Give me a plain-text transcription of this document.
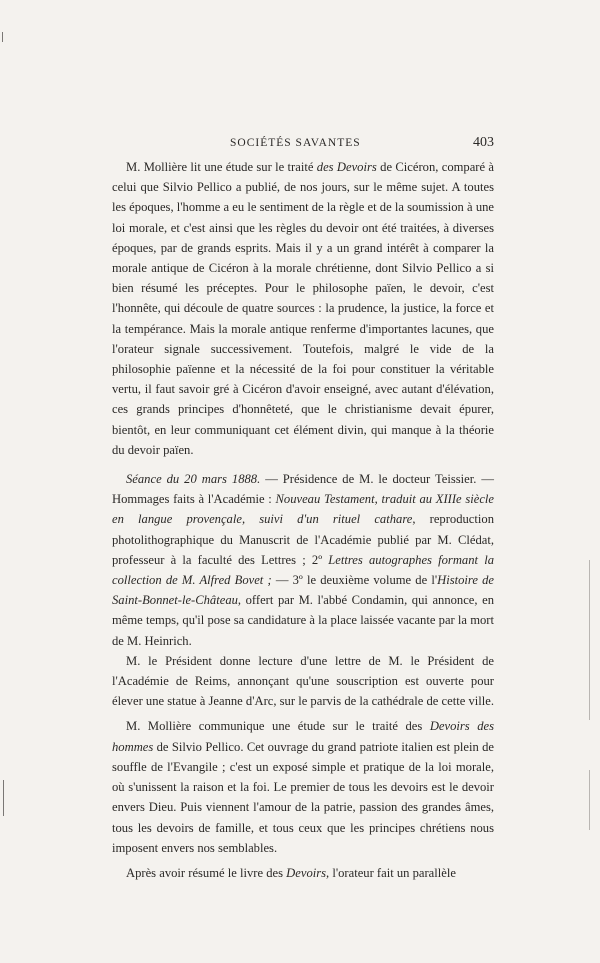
SOCIÉTÉS SAVANTES	403

M. Mollière lit une étude sur le traité des Devoirs de Cicéron, comparé à celui que Silvio Pellico a publié, de nos jours, sur le même sujet. A toutes les époques, l'homme a eu le sentiment de la règle et de la soumission à une loi morale, et c'est ainsi que les règles du devoir ont été traitées, à diverses époques, par de grands esprits. Mais il y a un grand intérêt à comparer la morale antique de Cicéron à la morale chrétienne, dont Silvio Pellico a si bien résumé les préceptes. Pour le philosophe païen, le devoir, c'est l'honnête, qui découle de quatre sources : la prudence, la justice, la force et la tempérance. Mais la morale antique renferme d'importantes lacunes, que l'orateur signale successivement. Toutefois, malgré le vide de la philosophie païenne et la nécessité de la foi pour constituer la véritable vertu, il faut savoir gré à Cicéron d'avoir enseigné, avec autant d'élévation, ces grands principes d'honnêteté, que le christianisme devait épurer, bientôt, en leur communiquant cet élément divin, qui manque à la théorie du devoir païen.

Séance du 20 mars 1888. — Présidence de M. le docteur Teissier. — Hommages faits à l'Académie : Nouveau Testament, traduit au XIIIe siècle en langue provençale, suivi d'un rituel cathare, reproduction photolithographique du Manuscrit de l'Académie publié par M. Clédat, professeur à la faculté des Lettres ; 2º Lettres autographes formant la collection de M. Alfred Bovet ; — 3º le deuxième volume de l'Histoire de Saint-Bonnet-le-Château, offert par M. l'abbé Condamin, qui annonce, en même temps, qu'il pose sa candidature à la place laissée vacante par la mort de M. Heinrich.

M. le Président donne lecture d'une lettre de M. le Président de l'Académie de Reims, annonçant qu'une souscription est ouverte pour élever une statue à Jeanne d'Arc, sur le parvis de la cathédrale de cette ville.

M. Mollière communique une étude sur le traité des Devoirs des hommes de Silvio Pellico. Cet ouvrage du grand patriote italien est plein de souffle de l'Evangile ; c'est un exposé simple et pratique de la loi morale, où s'unissent la raison et la foi. Le premier de tous les devoirs est le devoir envers Dieu. Puis viennent l'amour de la patrie, passion des grandes âmes, tous les devoirs de famille, et tous ceux que les principes chrétiens nous imposent envers nos semblables.

Après avoir résumé le livre des Devoirs, l'orateur fait un parallèle
